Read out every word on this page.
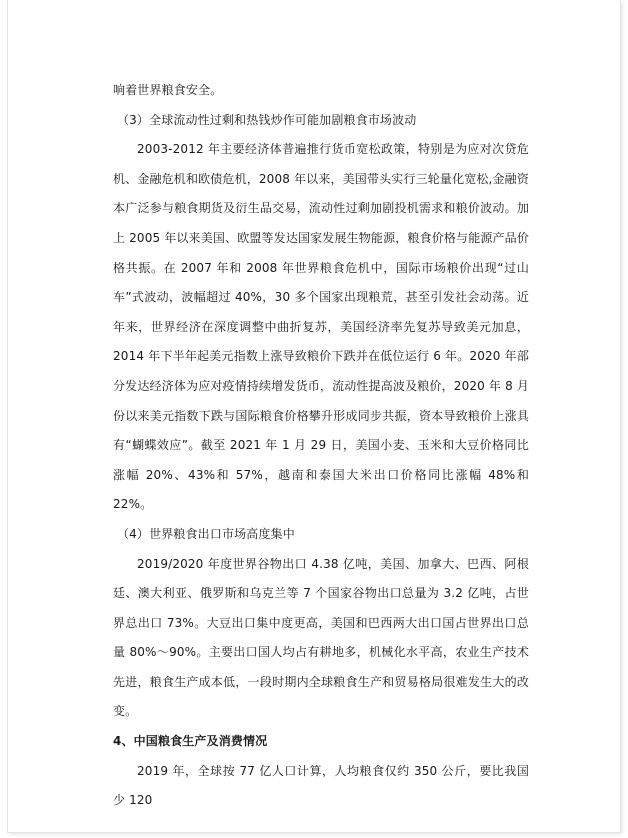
响着世界粮食安全。

（3）全球流动性过剩和热钱炒作可能加剧粮食市场波动

2003-2012 年主要经济体普遍推行货币宽松政策，特别是为应对次贷危机、金融危机和欧债危机，2008 年以来，美国带头实行三轮量化宽松,金融资本广泛参与粮食期货及衍生品交易，流动性过剩加剧投机需求和粮价波动。加上 2005 年以来美国、欧盟等发达国家发展生物能源，粮食价格与能源产品价格共振。在 2007 年和 2008 年世界粮食危机中，国际市场粮价出现“过山车”式波动，波幅超过 40%，30 多个国家出现粮荒，甚至引发社会动荡。近年来，世界经济在深度调整中曲折复苏，美国经济率先复苏导致美元加息，2014 年下半年起美元指数上涨导致粮价下跌并在低位运行 6 年。2020 年部分发达经济体为应对疫情持续增发货币，流动性提高波及粮价，2020 年 8 月份以来美元指数下跌与国际粮食价格攀升形成同步共振，资本导致粮价上涨具有“蝴蝶效应”。截至 2021 年 1 月 29 日，美国小麦、玉米和大豆价格同比涨幅 20%、43%和 57%，越南和泰国大米出口价格同比涨幅 48%和 22%。

（4）世界粮食出口市场高度集中

2019/2020 年度世界谷物出口 4.38 亿吨，美国、加拿大、巴西、阿根廷、澳大利亚、俄罗斯和乌克兰等 7 个国家谷物出口总量为 3.2 亿吨，占世界总出口 73%。大豆出口集中度更高，美国和巴西两大出口国占世界出口总量 80%～90%。主要出口国人均占有耕地多，机械化水平高，农业生产技术先进，粮食生产成本低，一段时期内全球粮食生产和贸易格局很难发生大的改变。

4、中国粮食生产及消费情况

2019 年，全球按 77 亿人口计算，人均粮食仅约 350 公斤，要比我国少 120
